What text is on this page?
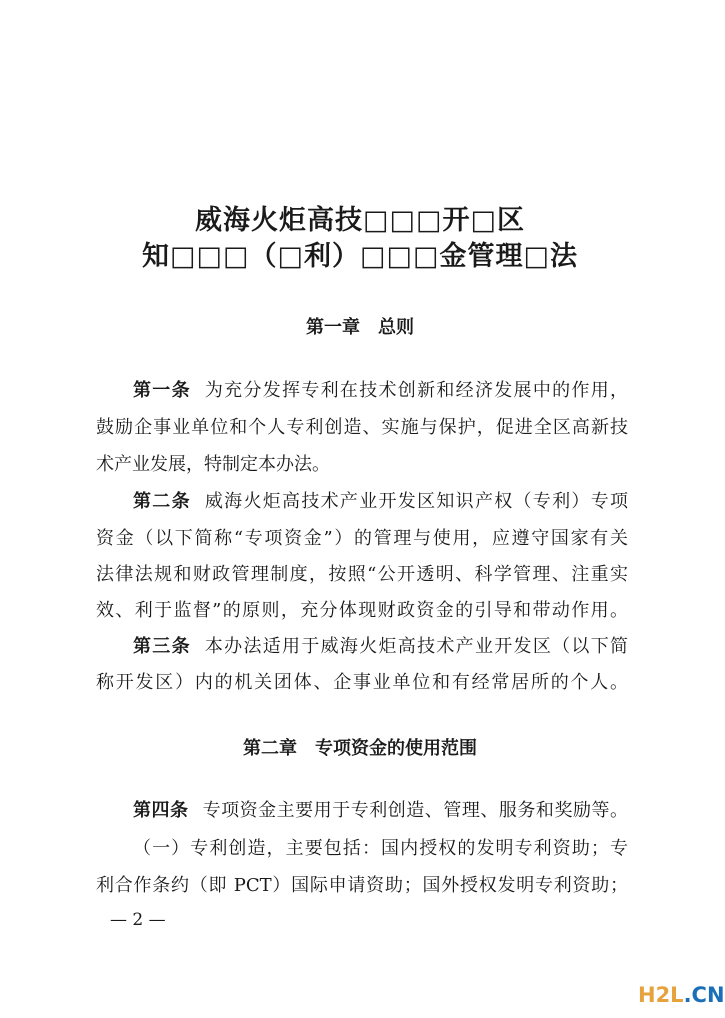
威海火炬高技□□□开□区
知□□□（□利）□□□金管理□法
第一章　总则

第一条 为充分发挥专利在技术创新和经济发展中的作用，

鼓励企事业单位和个人专利创造、实施与保护，促进全区高新技

术产业发展，特制定本办法。

第二条 威海火炬高技术产业开发区知识产权（专利）专项

资金（以下简称“专项资金”）的管理与使用，应遵守国家有关

法律法规和财政管理制度，按照“公开透明、科学管理、注重实

效、利于监督”的原则，充分体现财政资金的引导和带动作用。

第三条 本办法适用于威海火炬高技术产业开发区（以下简

称开发区）内的机关团体、企事业单位和有经常居所的个人。

第二章　专项资金的使用范围

第四条 专项资金主要用于专利创造、管理、服务和奖励等。

（一）专利创造，主要包括：国内授权的发明专利资助；专

利合作条约（即 PCT）国际申请资助；国外授权发明专利资助；

— 2 —

H2L.CN
